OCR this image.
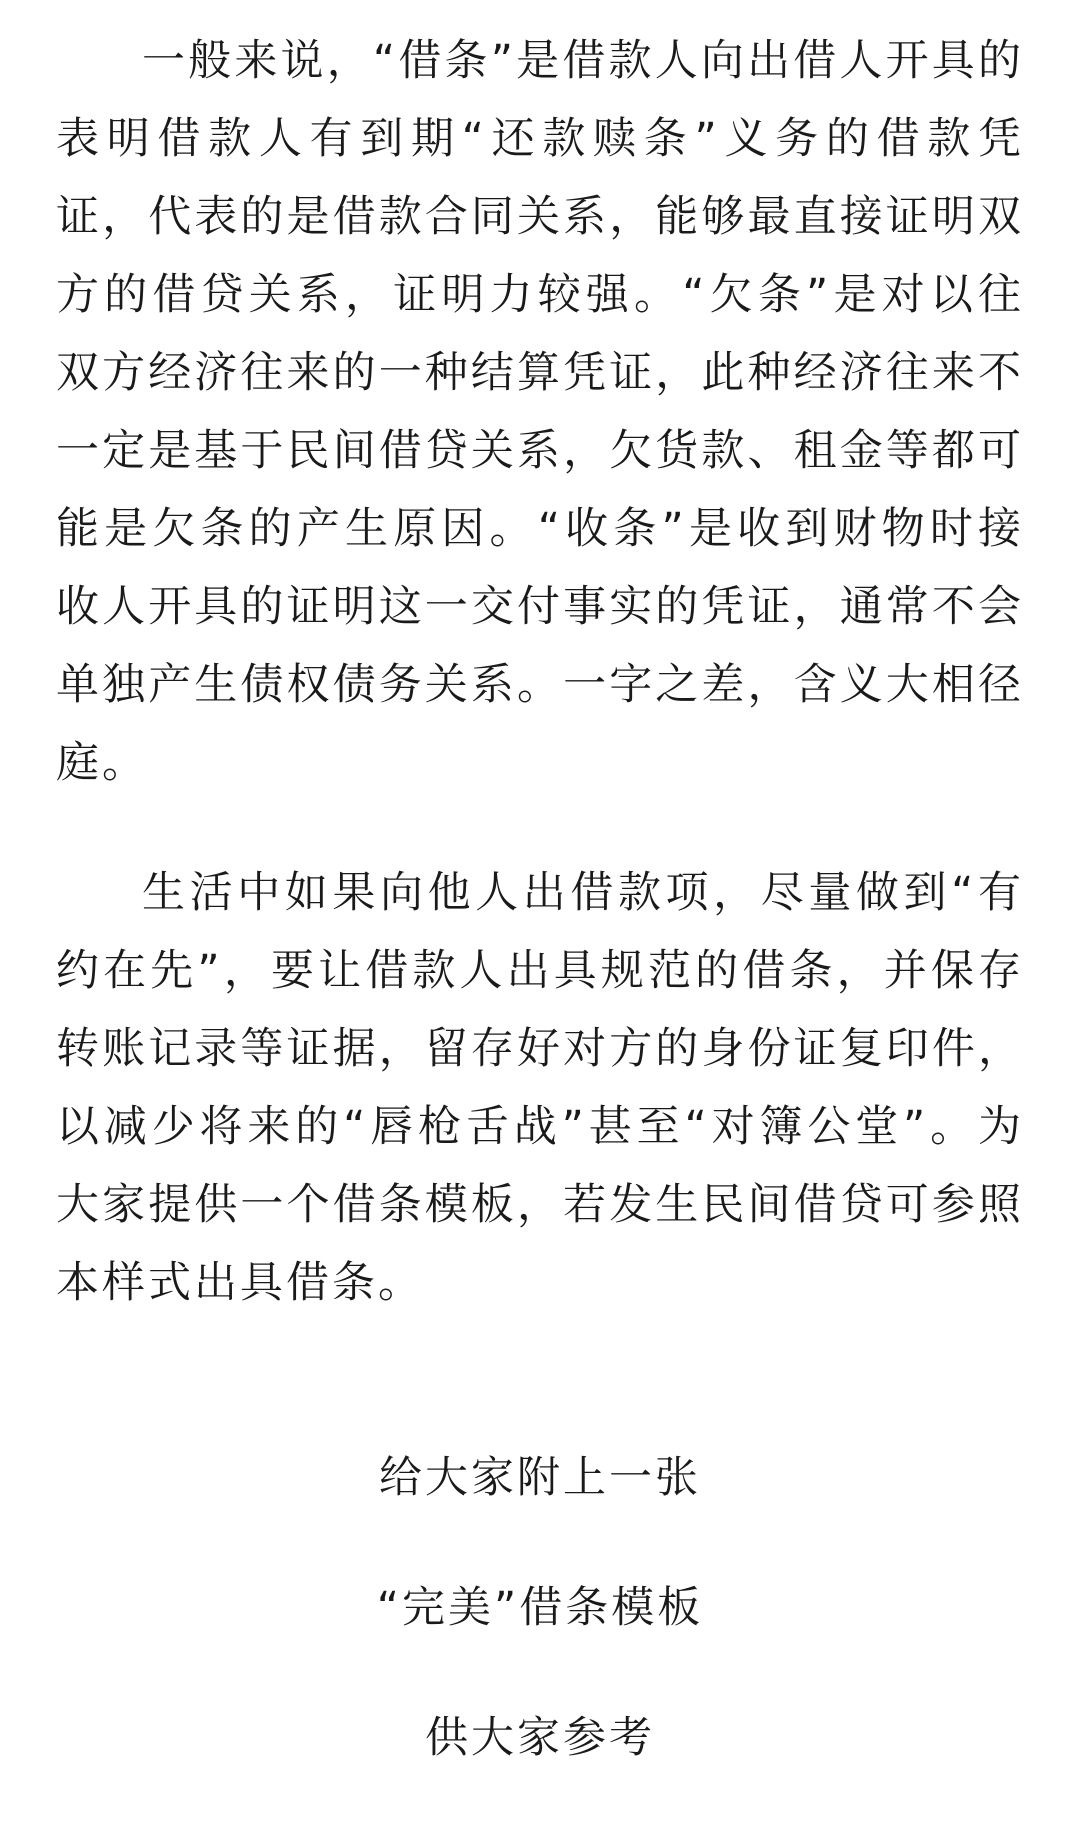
一般来说，“借条”是借款人向出借人开具的表明借款人有到期“还款赎条”义务的借款凭证，代表的是借款合同关系，能够最直接证明双方的借贷关系，证明力较强。“欠条”是对以往双方经济往来的一种结算凭证，此种经济往来不一定是基于民间借贷关系，欠货款、租金等都可能是欠条的产生原因。“收条”是收到财物时接收人开具的证明这一交付事实的凭证，通常不会单独产生债权债务关系。一字之差，含义大相径庭。

生活中如果向他人出借款项，尽量做到“有约在先”，要让借款人出具规范的借条，并保存转账记录等证据，留存好对方的身份证复印件，以减少将来的“唇枪舌战”甚至“对簿公堂”。为大家提供一个借条模板，若发生民间借贷可参照本样式出具借条。

给大家附上一张

“完美”借条模板

供大家参考
